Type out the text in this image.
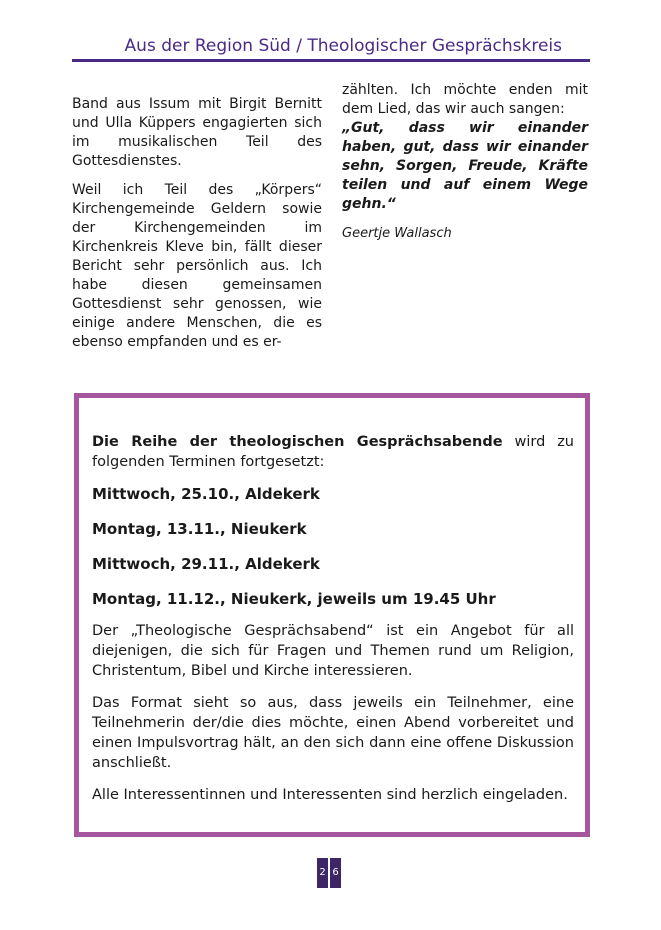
Aus der Region Süd / Theologischer Gesprächskreis

Band aus Issum mit Birgit Bernitt und Ulla Küppers engagierten sich im musikalischen Teil des Gottesdienstes.

Weil ich Teil des „Körpers“ Kirchengemeinde Geldern sowie der Kirchengemeinden im Kirchenkreis Kleve bin, fällt dieser Bericht sehr persönlich aus. Ich habe diesen gemeinsamen Gottesdienst sehr genossen, wie einige andere Menschen, die es ebenso empfanden und es er-

zählten. Ich möchte enden mit dem Lied, das wir auch sangen:

„Gut, dass wir einander haben, gut, dass wir einander sehn, Sorgen, Freude, Kräfte teilen und auf einem Wege gehn.“

Geertje Wallasch

Die Reihe der theologischen Gesprächsabende wird zu folgenden Terminen fortgesetzt:

Mittwoch, 25.10., Aldekerk

Montag, 13.11., Nieukerk

Mittwoch, 29.11., Aldekerk

Montag, 11.12., Nieukerk, jeweils um 19.45 Uhr

Der „Theologische Gesprächsabend“ ist ein Angebot für all diejenigen, die sich für Fragen und Themen rund um Religion, Christentum, Bibel und Kirche interessieren.

Das Format sieht so aus, dass jeweils ein Teilnehmer, eine Teilnehmerin der/die dies möchte, einen Abend vorbereitet und einen Impulsvortrag hält, an den sich dann eine offene Diskussion anschließt.

Alle Interessentinnen und Interessenten sind herzlich eingeladen.

2 6
